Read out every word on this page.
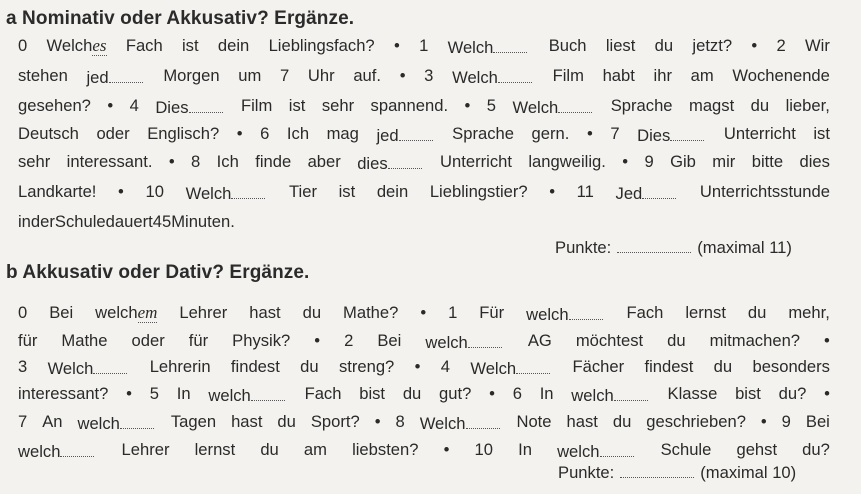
a Nominativ oder Akkusativ? Ergänze.
0 Welches Fach ist dein Lieblingsfach? • 1 Welch	Buch liest du jetzt? • 2 Wir
stehen jed	Morgen um 7 Uhr auf. • 3 Welch	Film habt ihr am Wochenende
gesehen? • 4 Dies	Film ist sehr spannend. • 5 Welch	Sprache magst du lieber,
Deutsch oder Englisch? • 6 Ich mag jed	Sprache gern. • 7 Dies	Unterricht ist
sehr interessant. • 8 Ich finde aber dies	Unterricht langweilig. • 9 Gib mir bitte dies
Landkarte! • 10 Welch	Tier ist dein Lieblingstier? • 11 Jed	Unterrichtsstunde
in der Schule dauert 45 Minuten.
Punkte:	(maximal 11)
b Akkusativ oder Dativ? Ergänze.
0 Bei welchem Lehrer hast du Mathe? • 1 Für welch	Fach lernst du mehr,
für Mathe oder für Physik? • 2 Bei welch	AG möchtest du mitmachen? •
3 Welch	Lehrerin findest du streng? • 4 Welch	Fächer findest du besonders
interessant? • 5 In welch	Fach bist du gut? • 6 In welch	Klasse bist du? •
7 An welch	Tagen hast du Sport? • 8 Welch	Note hast du geschrieben? • 9 Bei
welch	Lehrer lernst du am liebsten? • 10 In welch	Schule gehst du?
Punkte:	(maximal 10)
